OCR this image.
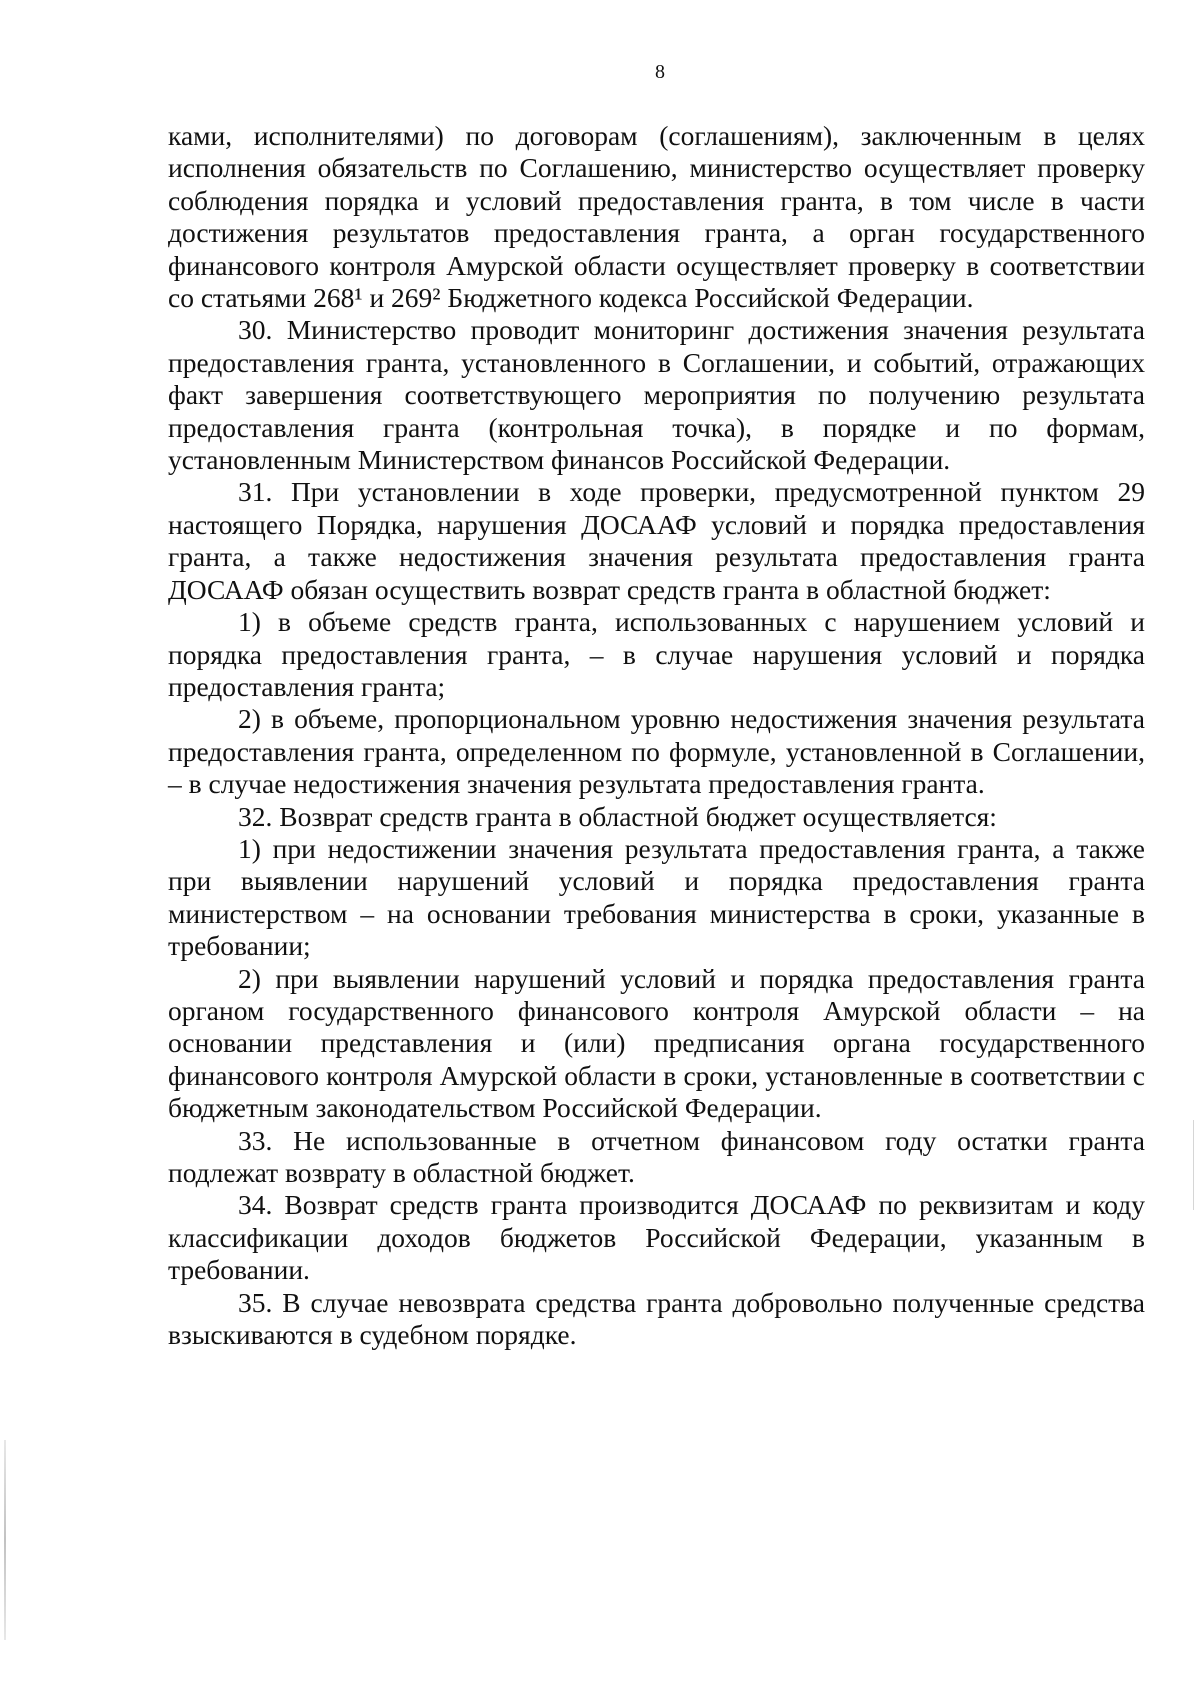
8

ками, исполнителями) по договорам (соглашениям), заключенным в целях исполнения обязательств по Соглашению, министерство осуществляет проверку соблюдения порядка и условий предоставления гранта, в том числе в части достижения результатов предоставления гранта, а орган государственного финансового контроля Амурской области осуществляет проверку в соответствии со статьями 268¹ и 269² Бюджетного кодекса Российской Федерации.

30. Министерство проводит мониторинг достижения значения результата предоставления гранта, установленного в Соглашении, и событий, отражающих факт завершения соответствующего мероприятия по получению результата предоставления гранта (контрольная точка), в порядке и по формам, установленным Министерством финансов Российской Федерации.

31. При установлении в ходе проверки, предусмотренной пунктом 29 настоящего Порядка, нарушения ДОСААФ условий и порядка предоставления гранта, а также недостижения значения результата предоставления гранта ДОСААФ обязан осуществить возврат средств гранта в областной бюджет:

1) в объеме средств гранта, использованных с нарушением условий и порядка предоставления гранта, – в случае нарушения условий и порядка предоставления гранта;

2) в объеме, пропорциональном уровню недостижения значения результата предоставления гранта, определенном по формуле, установленной в Соглашении, – в случае недостижения значения результата предоставления гранта.

32. Возврат средств гранта в областной бюджет осуществляется:

1) при недостижении значения результата предоставления гранта, а также при выявлении нарушений условий и порядка предоставления гранта министерством – на основании требования министерства в сроки, указанные в требовании;

2) при выявлении нарушений условий и порядка предоставления гранта органом государственного финансового контроля Амурской области – на основании представления и (или) предписания органа государственного финансового контроля Амурской области в сроки, установленные в соответствии с бюджетным законодательством Российской Федерации.

33. Не использованные в отчетном финансовом году остатки гранта подлежат возврату в областной бюджет.

34. Возврат средств гранта производится ДОСААФ по реквизитам и коду классификации доходов бюджетов Российской Федерации, указанным в требовании.

35. В случае невозврата средства гранта добровольно полученные средства взыскиваются в судебном порядке.
